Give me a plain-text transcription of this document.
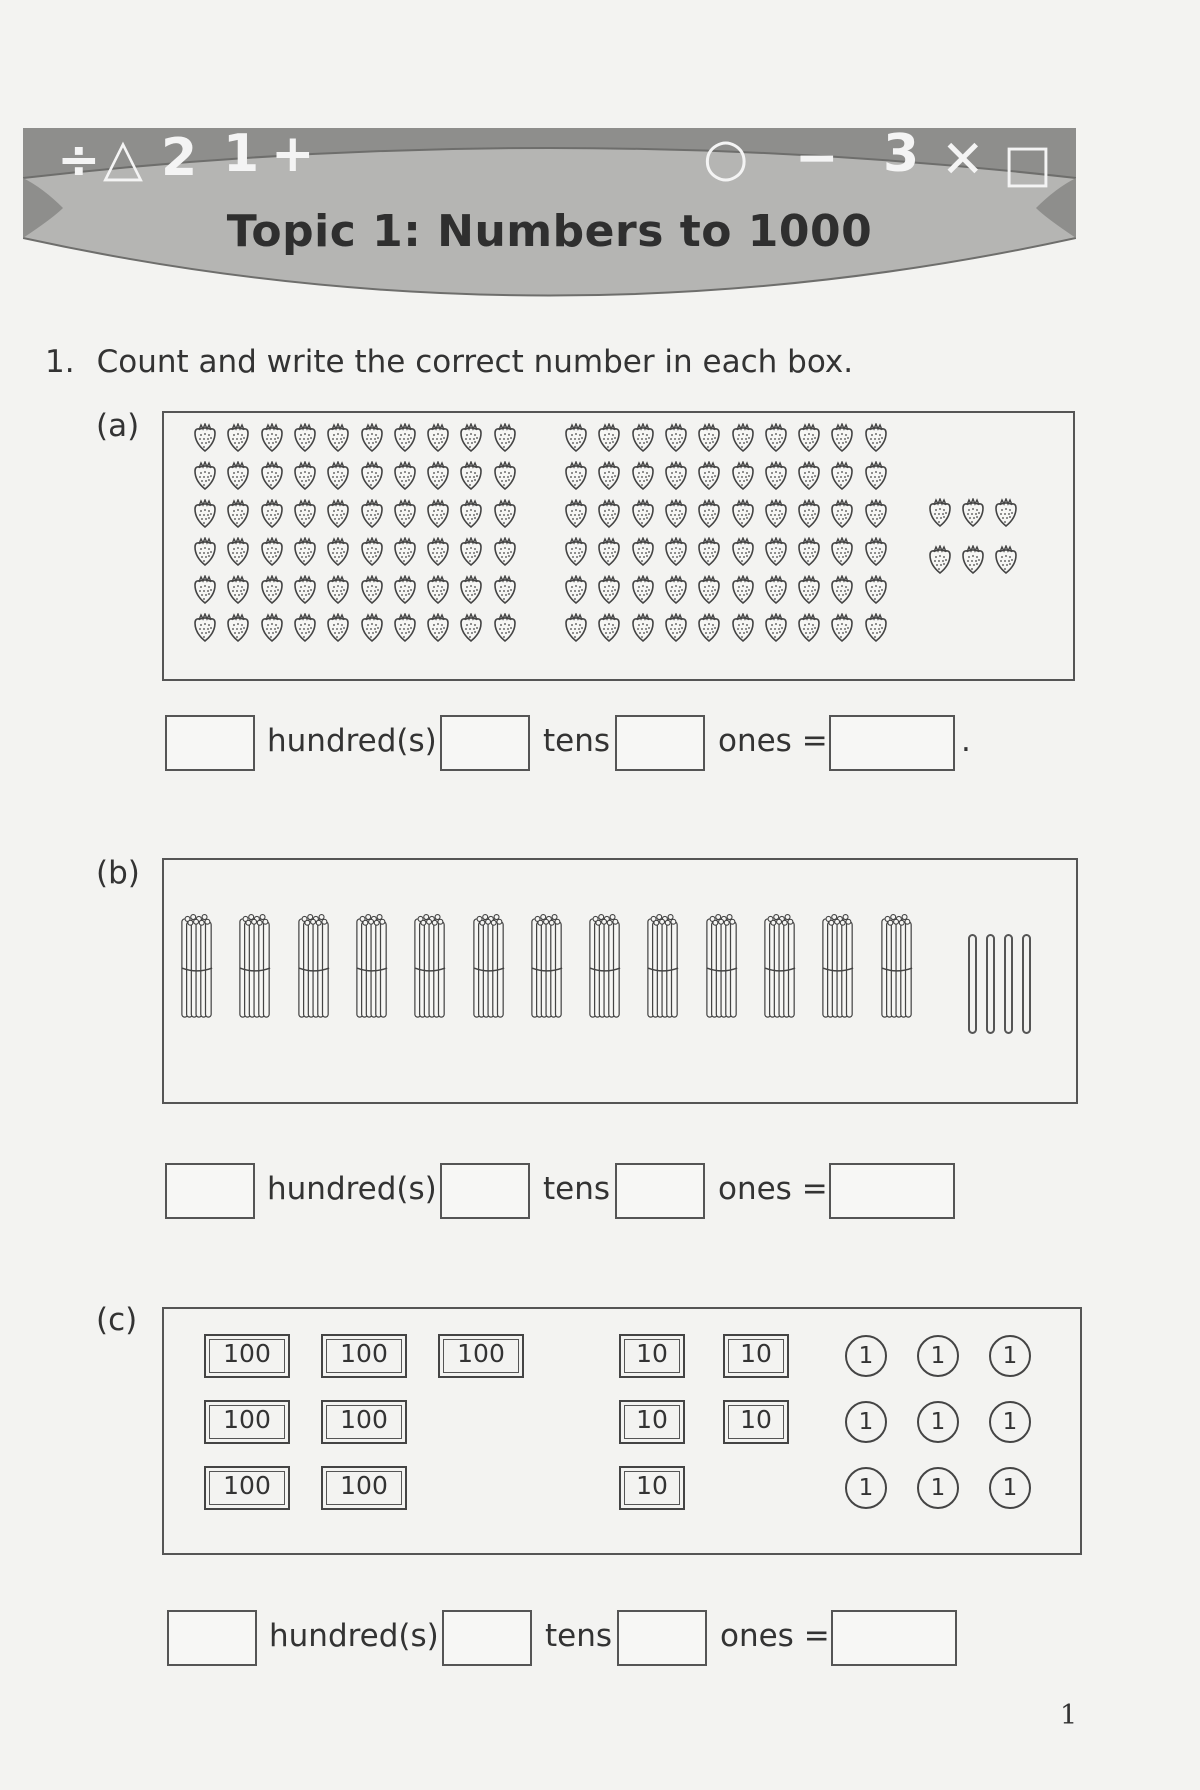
÷ △ 2 1 +	○ − 3 ✕ □
Topic 1: Numbers to 1000
1. Count and write the correct number in each box.
(a)
hundred(s)	tens	ones =	.
(b)
hundred(s)	tens	ones =
(c)
100	100	100
100	100
100	100
10	10
10	10
10
1	1	1
1	1	1
1	1	1
hundred(s)	tens	ones =
1
